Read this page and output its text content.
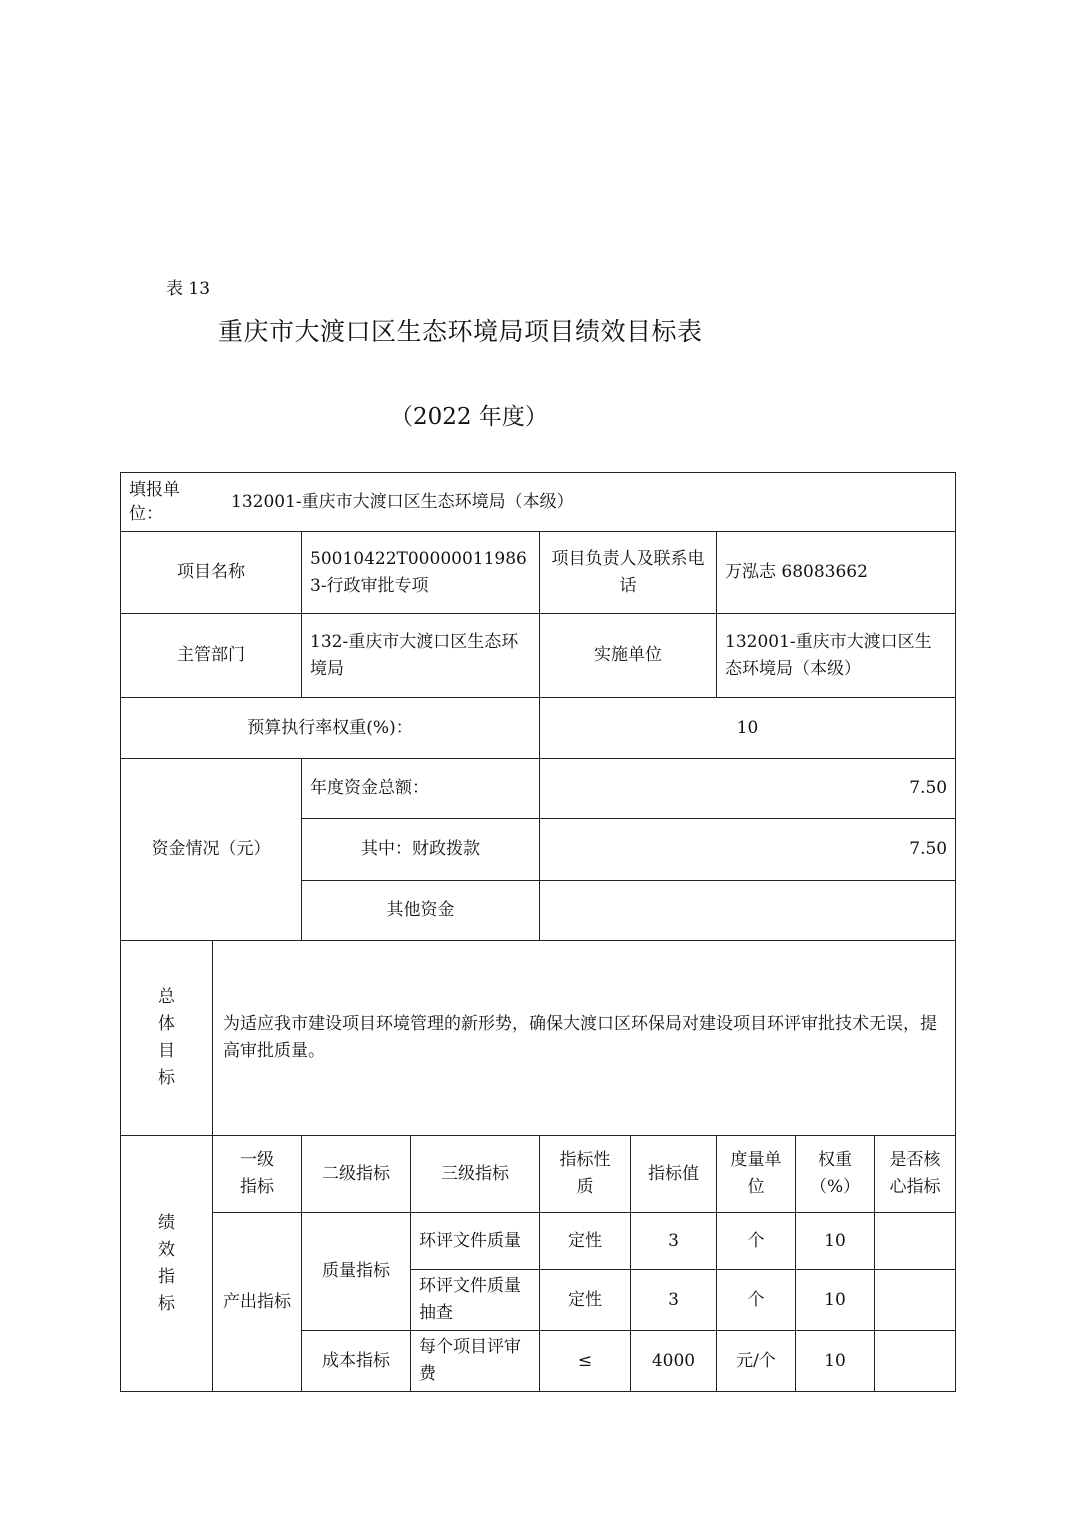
表 13
重庆市大渡口区生态环境局项目绩效目标表
（2022 年度）
填报单位：
132001-重庆市大渡口区生态环境局（本级）								

项目名称		50010422T000000119863-行政审批专项		项目负责人及联系电话		万泓志 68083662		
主管部门		132-重庆市大渡口区生态环境局		实施单位		132001-重庆市大渡口区生态环境局（本级）		
预算执行率权重(%)：				10				
资金情况（元）		年度资金总额：		7.50				
		其中：财政拨款		7.50				
		其他资金						

总
体
目
标	为适应我市建设项目环境管理的新形势，确保大渡口区环保局对建设项目环评审批技术无误，提高审批质量。							

绩
效
指
标	一级指标	二级指标	三级指标	指标性质	指标值	度量单位	权重（%）	是否核心指标
	产出指标	质量指标	环评文件质量	定性	3	个	10	
			环评文件质量抽查	定性	3	个	10	
		成本指标	每个项目评审费	≤	4000	元/个	10	
